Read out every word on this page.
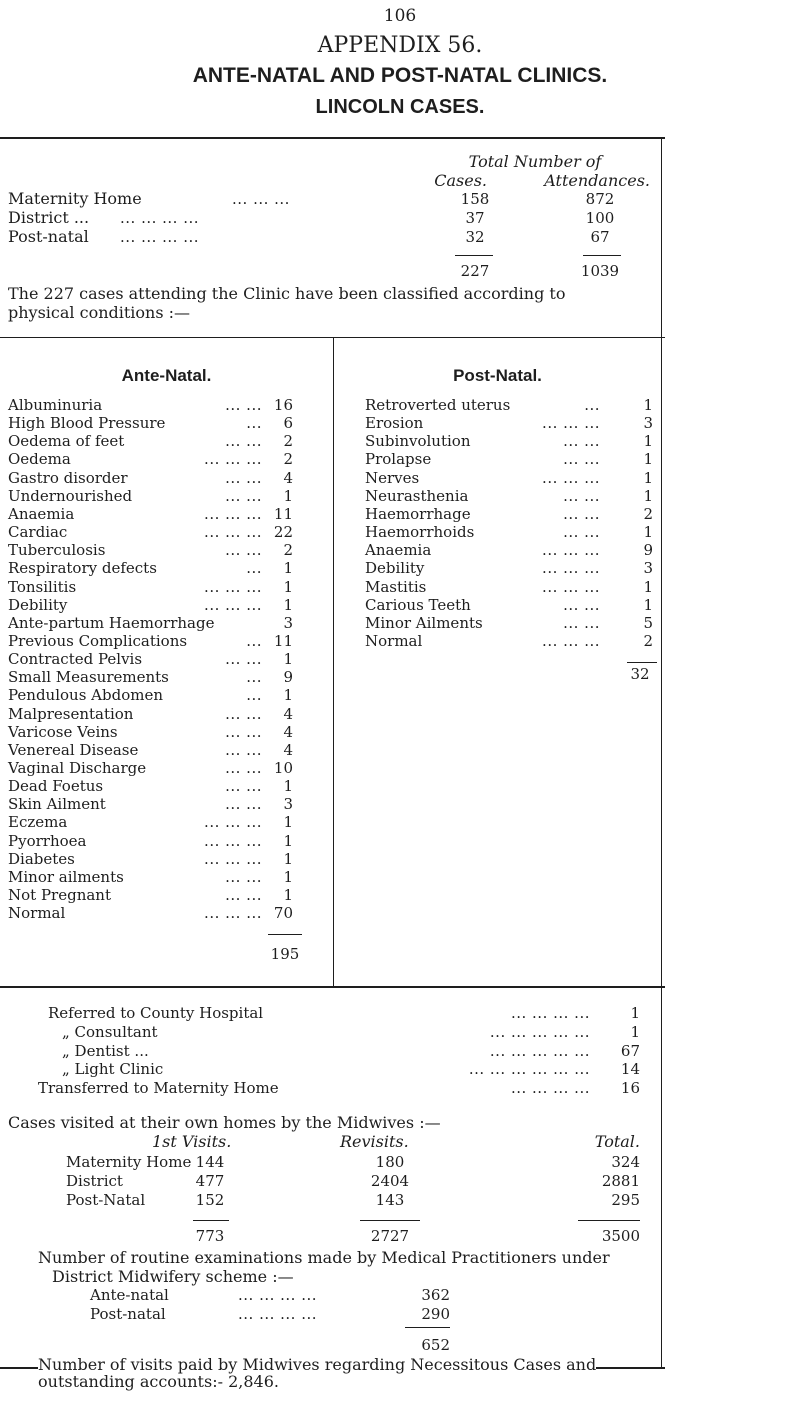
106
APPENDIX 56.
ANTE-NATAL AND POST-NATAL CLINICS.
LINCOLN CASES.
Total Number of
Cases.	Attendances.
Maternity Home	... ... ...	158	872
District ... ... ... ... ...	37	100
Post-natal ... ... ... ...	32	67
227	1039
The 227 cases attending the Clinic have been classified according to
physical conditions :—
Ante-Natal.
Albuminuria	... ... 16
High Blood Pressure	...	6
Oedema of feet	... ...	2
Oedema	... ... ...	2
Gastro disorder	... ...	4
Undernourished	... ...	1
Anaemia	... ... ... 11
Cardiac	... ... ... 22
Tuberculosis	... ...	2
Respiratory defects	...	1
Tonsilitis	... ... ...	1
Debility	... ... ...	1
Ante-partum Haemorrhage	3
Previous Complications	... 11
Contracted Pelvis	... ...	1
Small Measurements	...	9
Pendulous Abdomen	...	1
Malpresentation	... ...	4
Varicose Veins	... ...	4
Venereal Disease	... ...	4
Vaginal Discharge	... ... 10
Dead Foetus	... ...	1
Skin Ailment	... ...	3
Eczema	... ... ...	1
Pyorrhoea	... ... ...	1
Diabetes	... ... ...	1
Minor ailments	... ...	1
Not Pregnant	... ...	1
Normal	... ... ... 70
195
Post-Natal.
Retroverted uterus	...	1
Erosion	... ... ...	3
Subinvolution	... ...	1
Prolapse	... ...	1
Nerves	... ... ...	1
Neurasthenia	... ...	1
Haemorrhage	... ...	2
Haemorrhoids	... ...	1
Anaemia	... ... ...	9
Debility	... ... ...	3
Mastitis	... ... ...	1
Carious Teeth	... ...	1
Minor Ailments	... ...	5
Normal	... ... ...	2
32
Referred to County Hospital	... ... ... ...	1
„ Consultant	... ... ... ... ...	1
„ Dentist ...	... ... ... ... ...	67
„ Light Clinic	... ... ... ... ... ...	14
Transferred to Maternity Home	... ... ... ...	16
Cases visited at their own homes by the Midwives :—
1st Visits.	Revisits.	Total.
Maternity Home 144	180	324
District	477	2404	2881
Post-Natal	152	143	295
773	2727	3500
Number of routine examinations made by Medical Practitioners under
District Midwifery scheme :—
Ante-natal	... ... ... ...	362
Post-natal	... ... ... ...	290
652
Number of visits paid by Midwives regarding Necessitous Cases and
outstanding accounts:- 2,846.
